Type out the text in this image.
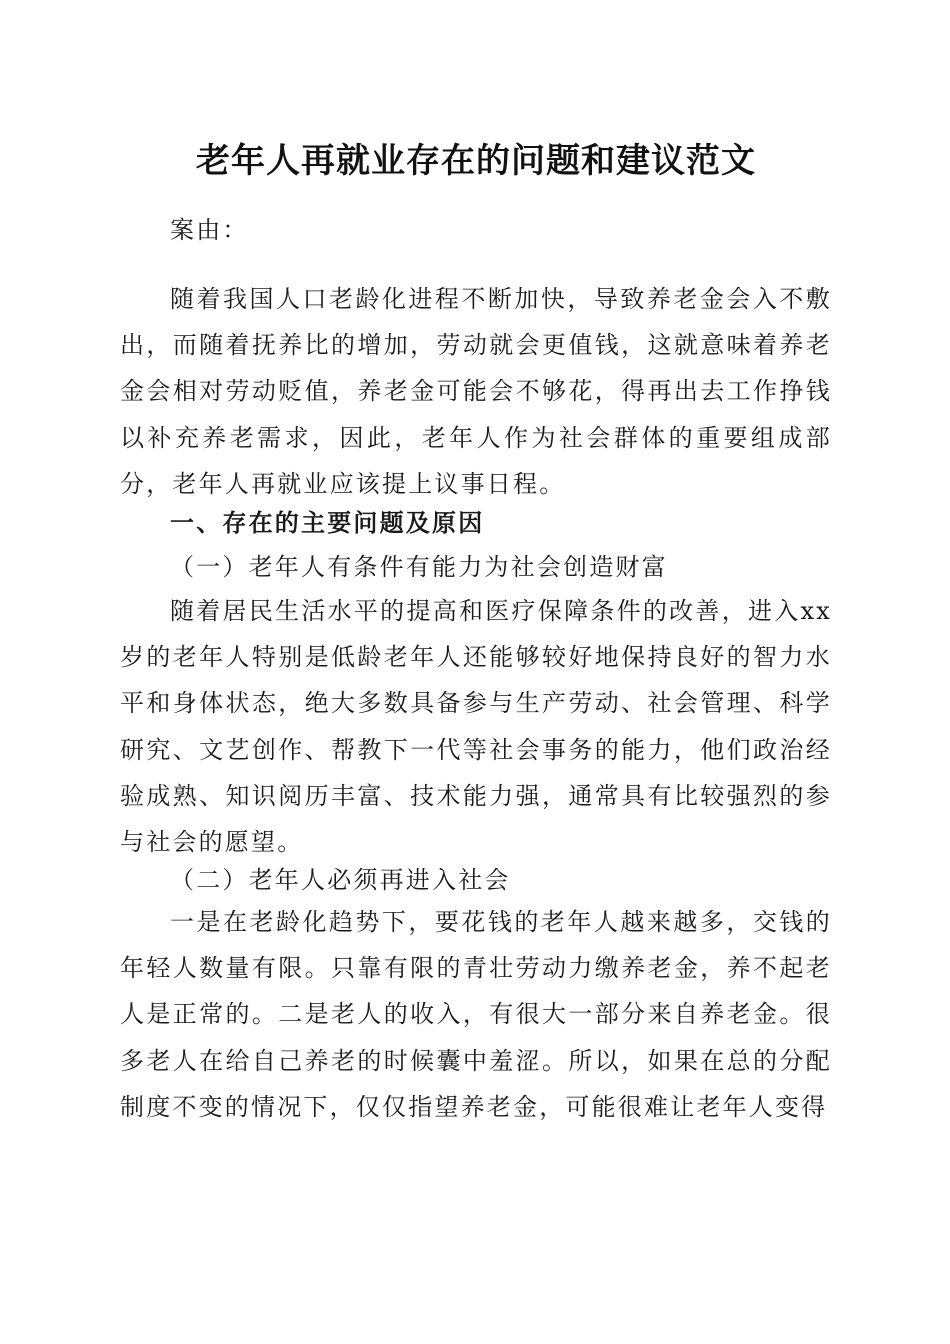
老年人再就业存在的问题和建议范文

案由：

随着我国人口老龄化进程不断加快，导致养老金会入不敷出，而随着抚养比的增加，劳动就会更值钱，这就意味着养老金会相对劳动贬值，养老金可能会不够花，得再出去工作挣钱以补充养老需求，因此，老年人作为社会群体的重要组成部分，老年人再就业应该提上议事日程。

一、存在的主要问题及原因

（一）老年人有条件有能力为社会创造财富

随着居民生活水平的提高和医疗保障条件的改善，进入xx岁的老年人特别是低龄老年人还能够较好地保持良好的智力水平和身体状态，绝大多数具备参与生产劳动、社会管理、科学研究、文艺创作、帮教下一代等社会事务的能力，他们政治经验成熟、知识阅历丰富、技术能力强，通常具有比较强烈的参与社会的愿望。

（二）老年人必须再进入社会

一是在老龄化趋势下，要花钱的老年人越来越多，交钱的年轻人数量有限。只靠有限的青壮劳动力缴养老金，养不起老人是正常的。二是老人的收入，有很大一部分来自养老金。很多老人在给自己养老的时候囊中羞涩。所以，如果在总的分配制度不变的情况下，仅仅指望养老金，可能很难让老年人变得
